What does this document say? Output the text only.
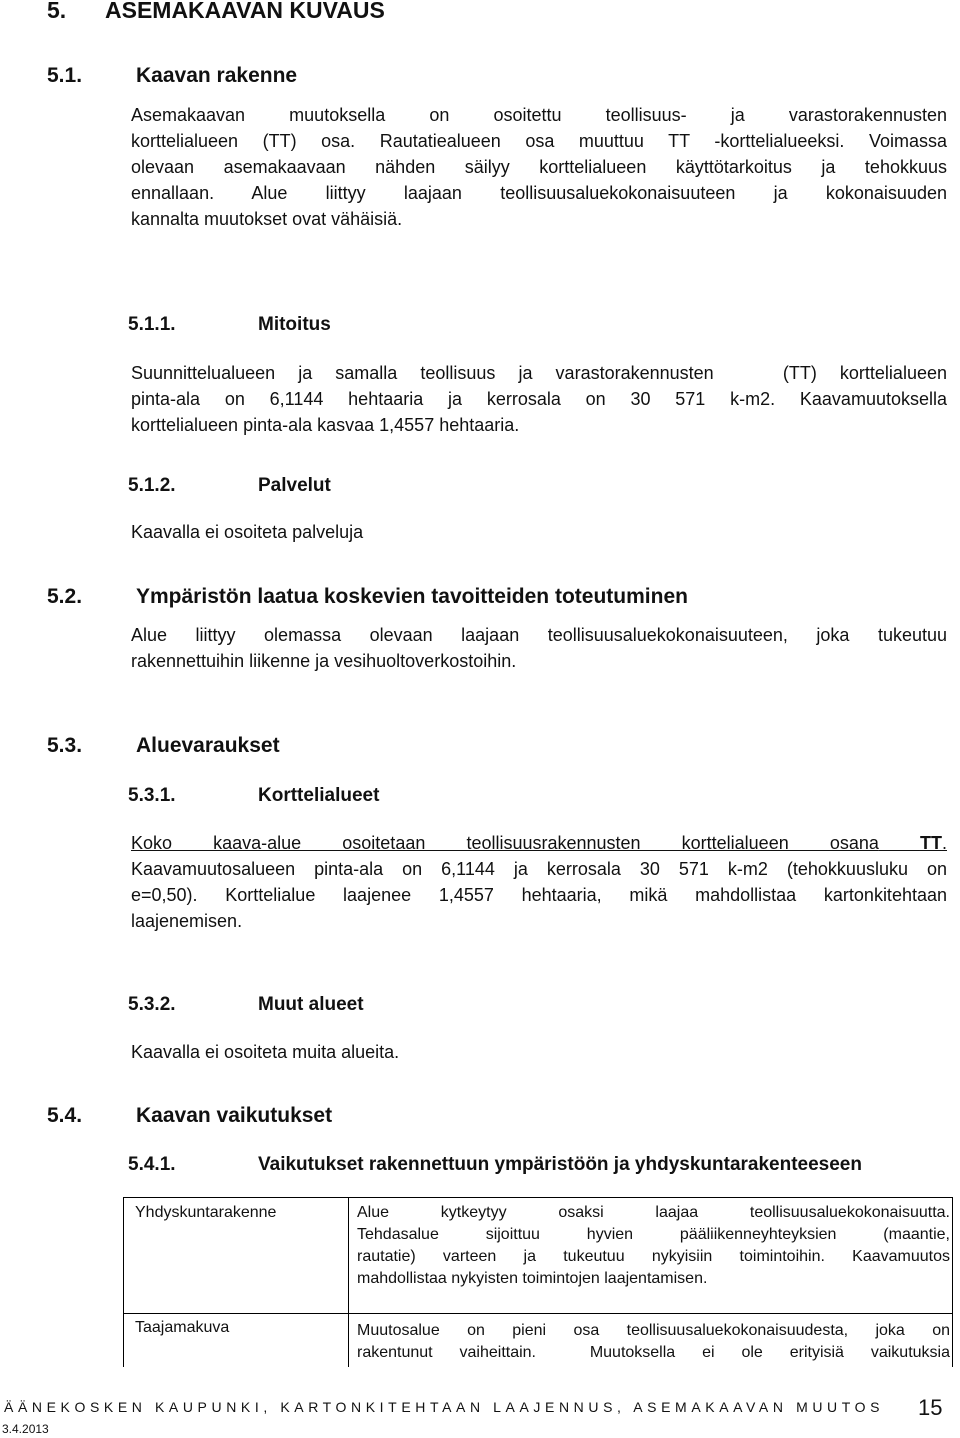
5. ASEMAKAAVAN KUVAUS
5.1.	Kaavan rakenne
Asemakaavan muutoksella on osoitettu teollisuus- ja varastorakennusten
korttelialueen (TT) osa. Rautatiealueen osa muuttuu TT -korttelialueeksi. Voimassa
olevaan asemakaavaan nähden säilyy korttelialueen käyttötarkoitus ja tehokkuus
ennallaan. Alue liittyy laajaan teollisuusaluekokonaisuuteen ja kokonaisuuden
kannalta muutokset ovat vähäisiä.
5.1.1.	Mitoitus
Suunnittelualueen ja samalla teollisuus ja varastorakennusten   (TT) korttelialueen
pinta-ala on 6,1144 hehtaaria ja kerrosala on 30 571 k-m2. Kaavamuutoksella
korttelialueen pinta-ala kasvaa 1,4557 hehtaaria.
5.1.2.	Palvelut
Kaavalla ei osoiteta palveluja
5.2.	Ympäristön laatua koskevien tavoitteiden toteutuminen
Alue liittyy olemassa olevaan laajaan teollisuusaluekokonaisuuteen, joka tukeutuu
rakennettuihin liikenne ja vesihuoltoverkostoihin.
5.3.	Aluevaraukset
5.3.1.	Korttelialueet
Koko kaava-alue osoitetaan teollisuusrakennusten korttelialueen osana TT.
Kaavamuutosalueen pinta-ala on 6,1144 ja kerrosala 30 571 k-m2 (tehokkuusluku on
e=0,50). Korttelialue laajenee 1,4557 hehtaaria, mikä mahdollistaa kartonkitehtaan
laajenemisen.
5.3.2.	Muut alueet
Kaavalla ei osoiteta muita alueita.
5.4.	Kaavan vaikutukset
5.4.1.	Vaikutukset rakennettuun ympäristöön ja yhdyskuntarakenteeseen
Yhdyskuntarakenne	Alue kytkeytyy osaksi laajaa teollisuusaluekokonaisuutta.
Tehdasalue sijoittuu hyvien pääliikenneyhteyksien (maantie,
rautatie) varteen ja tukeutuu nykyisiin toimintoihin. Kaavamuutos
mahdollistaa nykyisten toimintojen laajentamisen.
Taajamakuva	Muutosalue on pieni osa teollisuusaluekokonaisuudesta, joka on
rakentunut vaiheittain.  Muutoksella ei ole erityisiä vaikutuksia
ÄÄNEKOSKEN KAUPUNKI, KARTONKITEHTAAN LAAJENNUS, ASEMAKAAVAN MUUTOS	15
3.4.2013
